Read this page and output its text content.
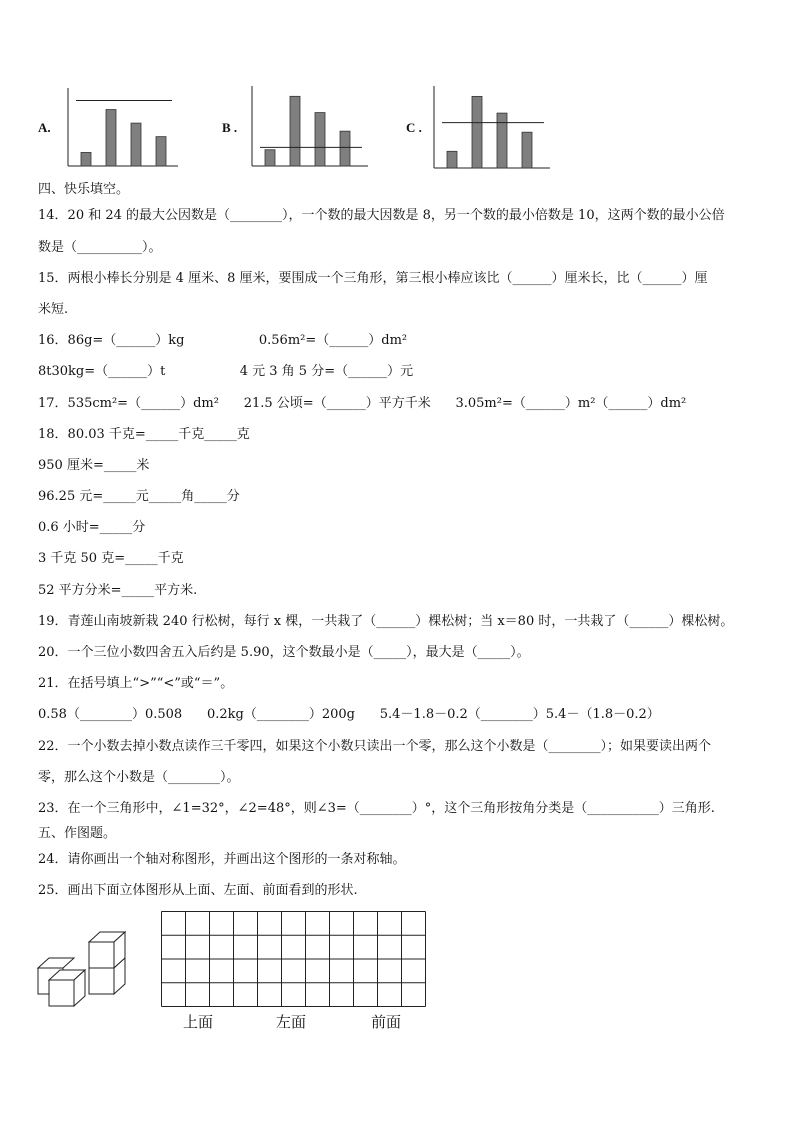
A.	B .	C .
四、快乐填空。
14．20 和 24 的最大公因数是（________），一个数的最大因数是 8，另一个数的最小倍数是 10，这两个数的最小公倍
数是（__________）。
15．两根小棒长分别是 4 厘米、8 厘米，要围成一个三角形，第三根小棒应该比（______）厘米长，比（______）厘
米短.
16．86g=（______）kg                  0.56m²=（______）dm²
8t30kg=（______）t                  4 元 3 角 5 分=（______）元
17．535cm²=（______）dm²      21.5 公顷=（______）平方千米      3.05m²=（______）m²（______）dm²
18．80.03 千克=_____千克_____克
950 厘米=_____米
96.25 元=_____元_____角_____分
0.6 小时=_____分
3 千克 50 克=_____千克
52 平方分米=_____平方米.
19．青莲山南坡新栽 240 行松树，每行 x 棵，一共栽了（______）棵松树；当 x＝80 时，一共栽了（______）棵松树。
20．一个三位小数四舍五入后约是 5.90，这个数最小是（_____），最大是（_____）。
21．在括号填上“>”“<”或“＝”。
0.58（________）0.508      0.2kg（________）200g      5.4－1.8－0.2（________）5.4－（1.8－0.2）
22．一个小数去掉小数点读作三千零四，如果这个小数只读出一个零，那么这个小数是（________）；如果要读出两个
零，那么这个小数是（________）。
23．在一个三角形中，∠1=32°，∠2=48°，则∠3=（________）°，这个三角形按角分类是（___________）三角形.
五、作图题。
24．请你画出一个轴对称图形，并画出这个图形的一条对称轴。
25．画出下面立体图形从上面、左面、前面看到的形状.
上面	左面	前面
